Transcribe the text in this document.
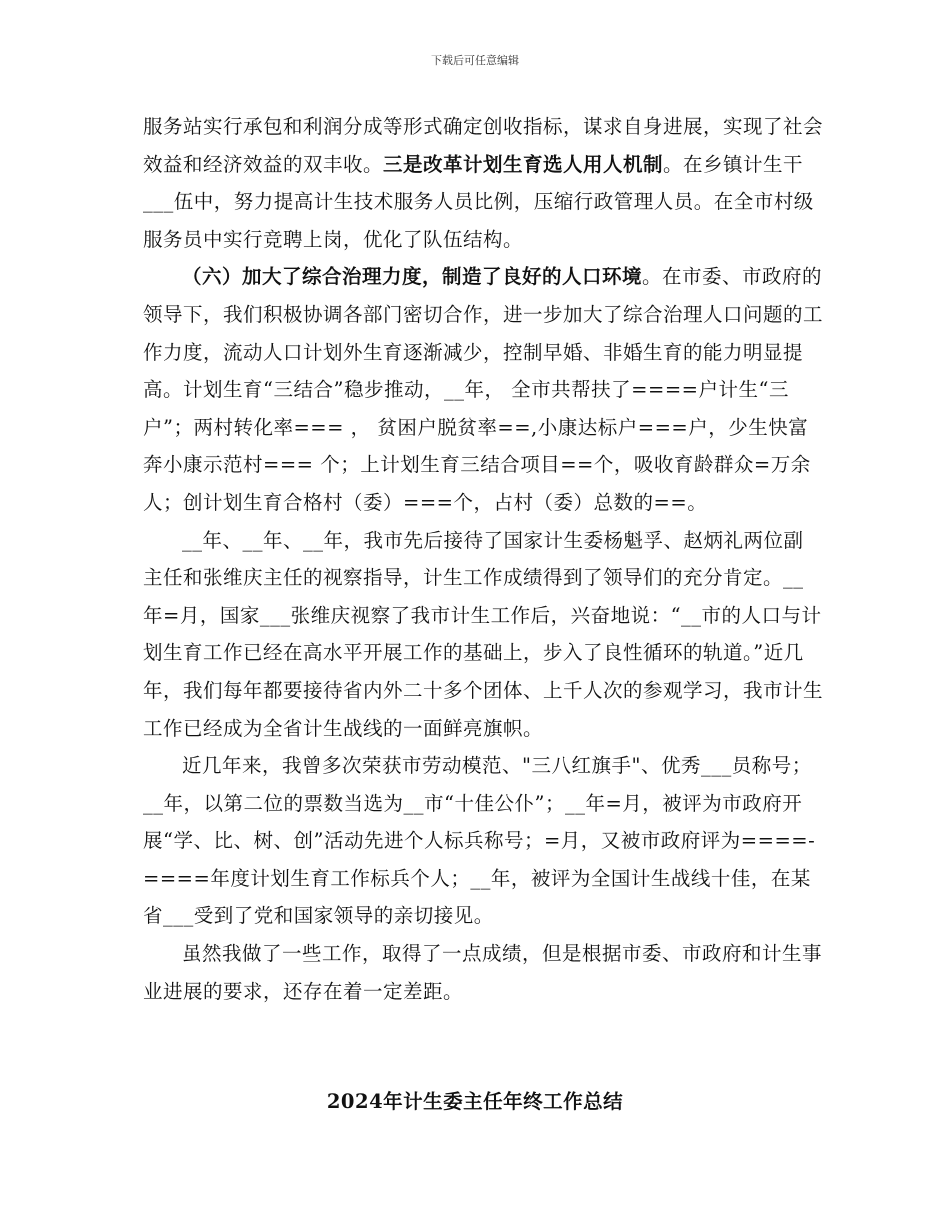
下载后可任意编辑

服务站实行承包和利润分成等形式确定创收指标，谋求自身进展，实现了社会效益和经济效益的双丰收。三是改革计划生育选人用人机制。在乡镇计生干___伍中，努力提高计生技术服务人员比例，压缩行政管理人员。在全市村级服务员中实行竞聘上岗，优化了队伍结构。

（六）加大了综合治理力度，制造了良好的人口环境。在市委、市政府的领导下，我们积极协调各部门密切合作，进一步加大了综合治理人口问题的工作力度，流动人口计划外生育逐渐减少，控制早婚、非婚生育的能力明显提高。计划生育“三结合”稳步推动，__年， 全市共帮扶了====户计生“三户”；两村转化率=== ， 贫困户脱贫率==,小康达标户===户，少生快富奔小康示范村=== 个；上计划生育三结合项目==个，吸收育龄群众=万余人；创计划生育合格村（委）===个，占村（委）总数的==。

__年、__年、__年，我市先后接待了国家计生委杨魁孚、赵炳礼两位副主任和张维庆主任的视察指导，计生工作成绩得到了领导们的充分肯定。__年=月，国家___张维庆视察了我市计生工作后，兴奋地说：“__市的人口与计划生育工作已经在高水平开展工作的基础上，步入了良性循环的轨道。”近几年，我们每年都要接待省内外二十多个团体、上千人次的参观学习，我市计生工作已经成为全省计生战线的一面鲜亮旗帜。

近几年来，我曾多次荣获市劳动模范、"三八红旗手"、优秀___员称号；__年，以第二位的票数当选为__市“十佳公仆”；__年=月，被评为市政府开展“学、比、树、创”活动先进个人标兵称号；=月，又被市政府评为====-====年度计划生育工作标兵个人；__年，被评为全国计生战线十佳，在某省___受到了党和国家领导的亲切接见。

虽然我做了一些工作，取得了一点成绩，但是根据市委、市政府和计生事业进展的要求，还存在着一定差距。

2024年计生委主任年终工作总结
